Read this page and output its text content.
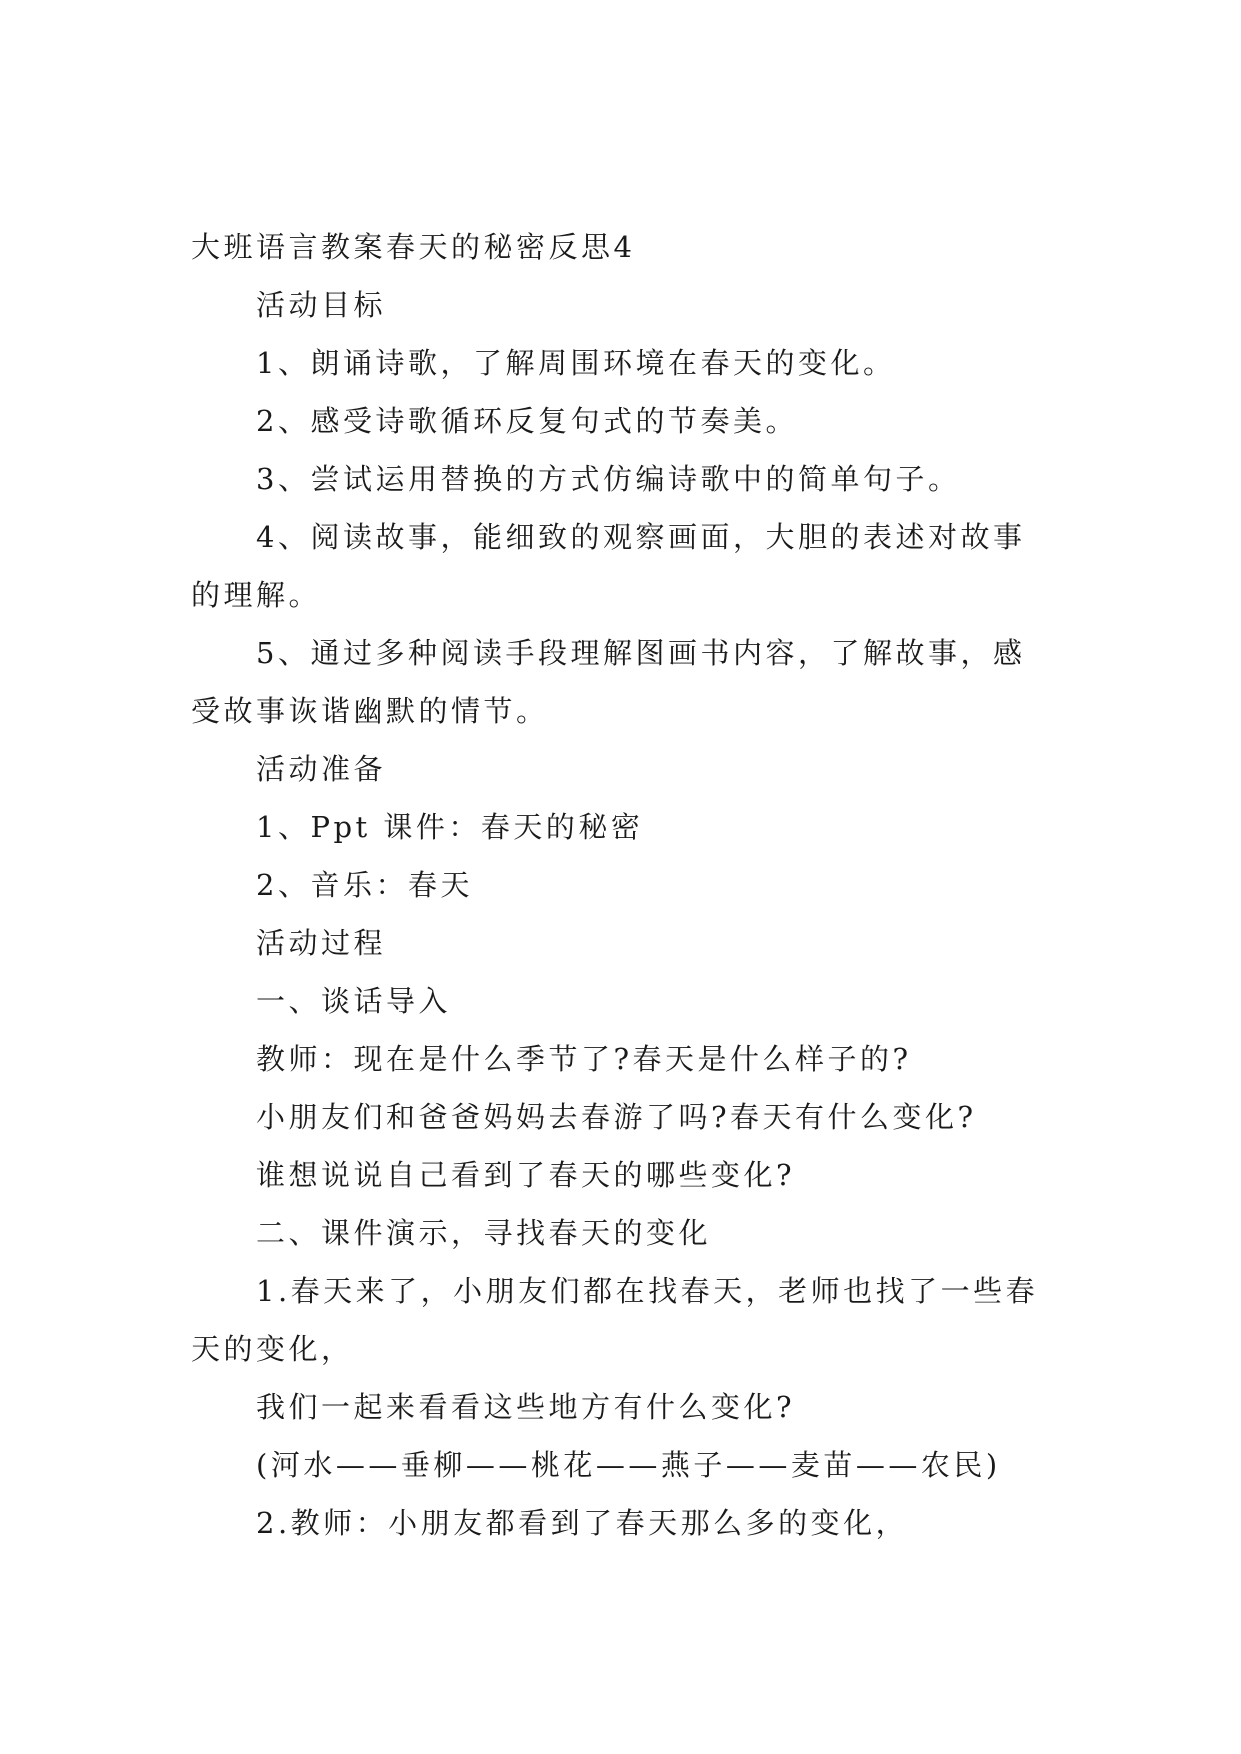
大班语言教案春天的秘密反思4

活动目标

1、朗诵诗歌，了解周围环境在春天的变化。

2、感受诗歌循环反复句式的节奏美。

3、尝试运用替换的方式仿编诗歌中的简单句子。

4、阅读故事，能细致的观察画面，大胆的表述对故事

的理解。

5、通过多种阅读手段理解图画书内容，了解故事，感

受故事诙谐幽默的情节。

活动准备

1、Ppt 课件：春天的秘密

2、音乐：春天

活动过程

一、谈话导入

教师：现在是什么季节了?春天是什么样子的?

小朋友们和爸爸妈妈去春游了吗?春天有什么变化?

谁想说说自己看到了春天的哪些变化?

二、课件演示，寻找春天的变化

1.春天来了，小朋友们都在找春天，老师也找了一些春

天的变化，

我们一起来看看这些地方有什么变化?

(河水——垂柳——桃花——燕子——麦苗——农民)

2.教师：小朋友都看到了春天那么多的变化，
